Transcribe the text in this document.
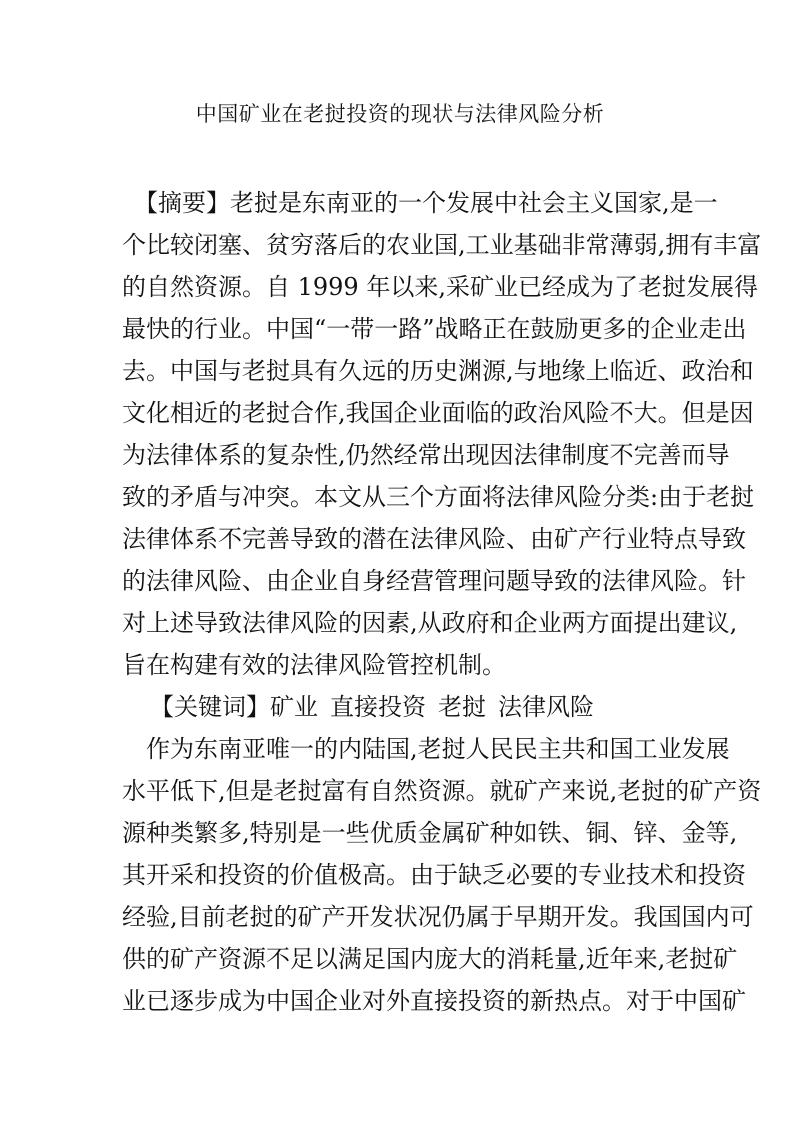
中国矿业在老挝投资的现状与法律风险分析
　【摘要】老挝是东南亚的一个发展中社会主义国家,是一
个比较闭塞、贫穷落后的农业国,工业基础非常薄弱,拥有丰富
的自然资源。自 1999 年以来,采矿业已经成为了老挝发展得
最快的行业。中国“一带一路”战略正在鼓励更多的企业走出
去。中国与老挝具有久远的历史渊源,与地缘上临近、政治和
文化相近的老挝合作,我国企业面临的政治风险不大。但是因
为法律体系的复杂性,仍然经常出现因法律制度不完善而导
致的矛盾与冲突。本文从三个方面将法律风险分类:由于老挝
法律体系不完善导致的潜在法律风险、由矿产行业特点导致
的法律风险、由企业自身经营管理问题导致的法律风险。针
对上述导致法律风险的因素,从政府和企业两方面提出建议,
旨在构建有效的法律风险管控机制。
【关键词】矿业 直接投资 老挝 法律风险
　作为东南亚唯一的内陆国,老挝人民民主共和国工业发展
水平低下,但是老挝富有自然资源。就矿产来说,老挝的矿产资
源种类繁多,特别是一些优质金属矿种如铁、铜、锌、金等,
其开采和投资的价值极高。由于缺乏必要的专业技术和投资
经验,目前老挝的矿产开发状况仍属于早期开发。我国国内可
供的矿产资源不足以满足国内庞大的消耗量,近年来,老挝矿
业已逐步成为中国企业对外直接投资的新热点。对于中国矿
